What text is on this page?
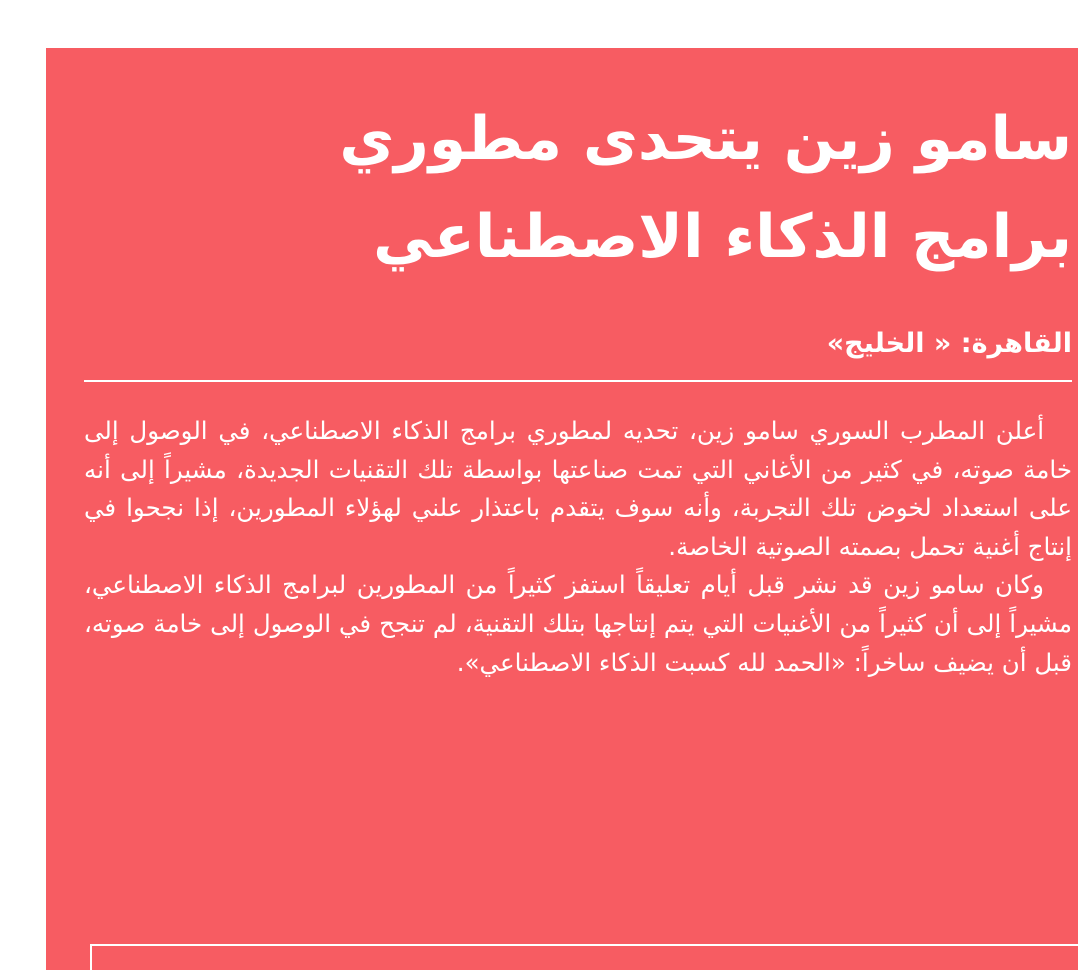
سامو زين يتحدى مطوري
برامج الذكاء الاصطناعي
القاهرة: « الخليج»

أعلن المطرب السوري سامو زين، تحديه لمطوري برامج الذكاء الاصطناعي، في الوصول إلى خامة صوته، في كثير من الأغاني التي تمت صناعتها بواسطة تلك التقنيات الجديدة، مشيراً إلى أنه على استعداد لخوض تلك التجربة، وأنه سوف يتقدم باعتذار علني لهؤلاء المطورين، إذا نجحوا في إنتاج أغنية تحمل بصمته الصوتية الخاصة.

وكان سامو زين قد نشر قبل أيام تعليقاً استفز كثيراً من المطورين لبرامج الذكاء الاصطناعي، مشيراً إلى أن كثيراً من الأغنيات التي يتم إنتاجها بتلك التقنية، لم تنجح في الوصول إلى خامة صوته، قبل أن يضيف ساخراً: «الحمد لله كسبت الذكاء الاصطناعي».
